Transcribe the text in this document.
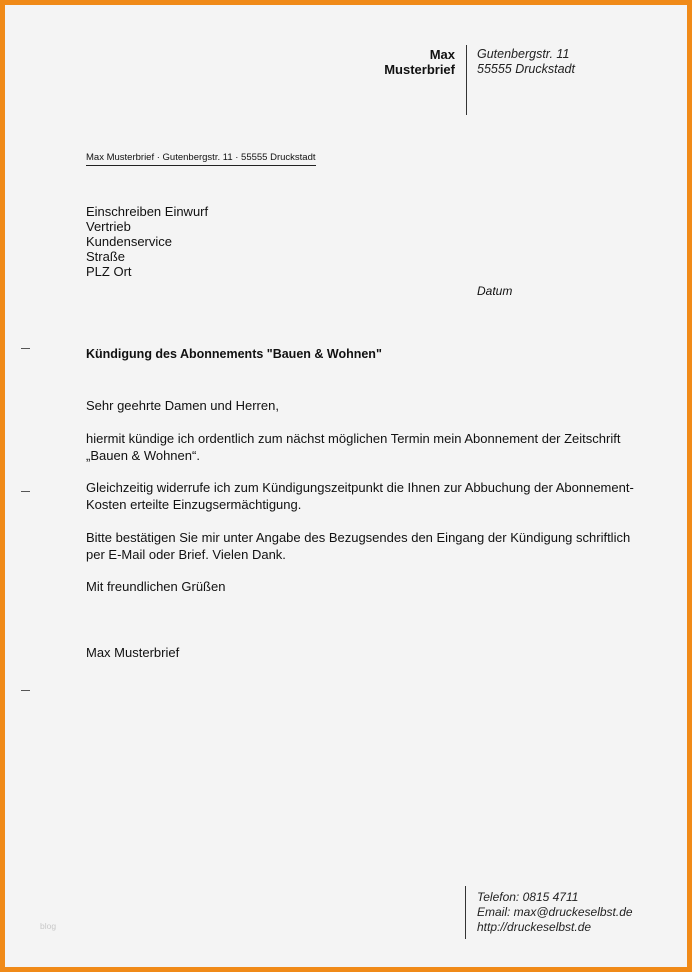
Max
Musterbrief
Gutenbergstr. 11
55555 Druckstadt
Max Musterbrief · Gutenbergstr. 11 · 55555 Druckstadt
Einschreiben Einwurf
Vertrieb
Kundenservice
Straße
PLZ Ort
Datum
Kündigung des Abonnements "Bauen & Wohnen"
Sehr geehrte Damen und Herren,
hiermit kündige ich ordentlich zum nächst möglichen Termin mein Abonnement der Zeitschrift „Bauen & Wohnen“.
Gleichzeitig widerrufe ich zum Kündigungszeitpunkt die Ihnen zur Abbuchung der Abonnement-Kosten erteilte Einzugsermächtigung.
Bitte bestätigen Sie mir unter Angabe des Bezugsendes den Eingang der Kündigung schriftlich per E-Mail oder Brief. Vielen Dank.
Mit freundlichen Grüßen
Max Musterbrief
Telefon: 0815 4711
Email: max@druckeselbst.de
http://druckeselbst.de
blog
